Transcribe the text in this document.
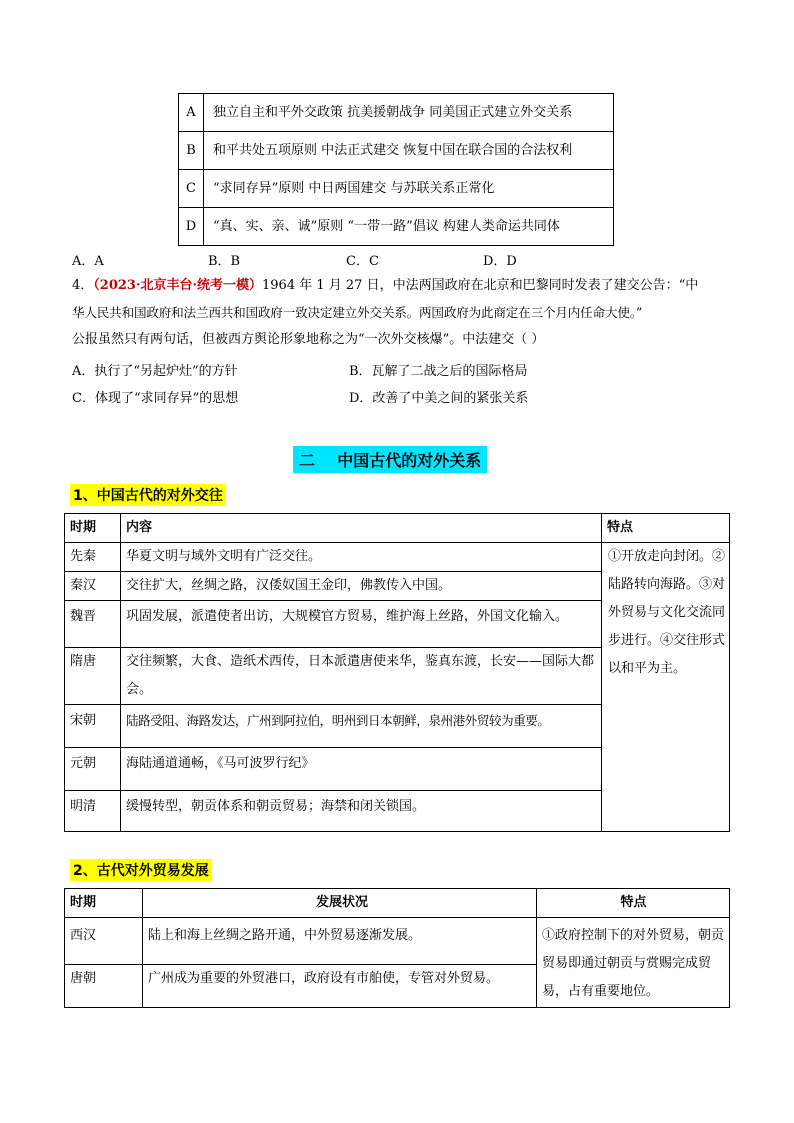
A	独立自主和平外交政策 抗美援朝战争 同美国正式建立外交关系
B	和平共处五项原则 中法正式建交 恢复中国在联合国的合法权利
C	“求同存异”原则 中日两国建交 与苏联关系正常化
D	“真、实、亲、诚”原则 “一带一路”倡议 构建人类命运共同体
A．A	B．B	C．C	D．D
4．（2023·北京丰台·统考一模）1964 年 1 月 27 日，中法两国政府在北京和巴黎同时发表了建交公告：“中
华人民共和国政府和法兰西共和国政府一致决定建立外交关系。两国政府为此商定在三个月内任命大使。”
公报虽然只有两句话，但被西方舆论形象地称之为“一次外交核爆”。中法建交（ ）
A．执行了“另起炉灶”的方针	B．瓦解了二战之后的国际格局
C．体现了“求同存异”的思想	D．改善了中美之间的紧张关系
二    中国古代的对外关系
1、中国古代的对外交往
时期	内容	特点
先秦	华夏文明与域外文明有广泛交往。	①开放走向封闭。②陆路转向海路。③对外贸易与文化交流同步进行。④交往形式以和平为主。
秦汉	交往扩大，丝绸之路，汉倭奴国王金印，佛教传入中国。	
魏晋	巩固发展，派遣使者出访，大规模官方贸易，维护海上丝路，外国文化输入。	
隋唐	交往频繁，大食、造纸术西传，日本派遣唐使来华，鉴真东渡，长安——国际大都会。	
宋朝	陆路受阻、海路发达，广州到阿拉伯，明州到日本朝鲜，泉州港外贸较为重要。	
元朝	海陆通道通畅，《马可波罗行纪》	
明清	缓慢转型，朝贡体系和朝贡贸易；海禁和闭关锁国。	
2、古代对外贸易发展
时期	发展状况	特点
西汉	陆上和海上丝绸之路开通，中外贸易逐渐发展。	①政府控制下的对外贸易，朝贡贸易即通过朝贡与赏赐完成贸易，占有重要地位。
唐朝	广州成为重要的外贸港口，政府设有市舶使，专管对外贸易。	
